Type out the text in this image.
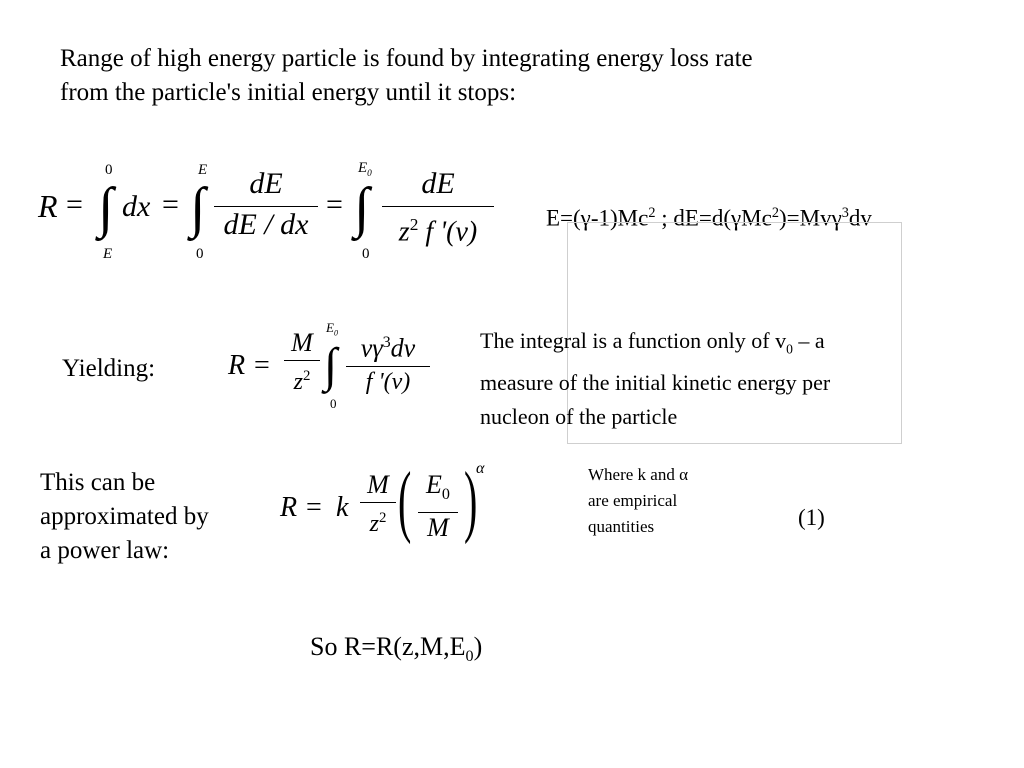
Range of high energy particle is found by integrating energy loss rate
from the particle's initial energy until it stops:
R =
0
∫
E
dx =
E
∫
0
dE
dE / dx
=
$E_0$
∫
0
dE
$z^2$ f '(v)	$E=(\gamma-1)Mc^2$ ; dE=d(γMc$^2$)=Mvγ$^3$dv
Yielding:	R =
M
$z^2$
$E_0$
∫
0
$v\gamma^3dv$
f '(v)
The integral is a function only of $v_0$ – a
measure of the initial kinetic energy per
nucleon of the particle
This can be
approximated by
a power law:
R = k
M
$z^2$ ( $E_0$
M )
α	Where k and α
are empirical
quantities	(1)
So $R=R(z,M,E_0)$
